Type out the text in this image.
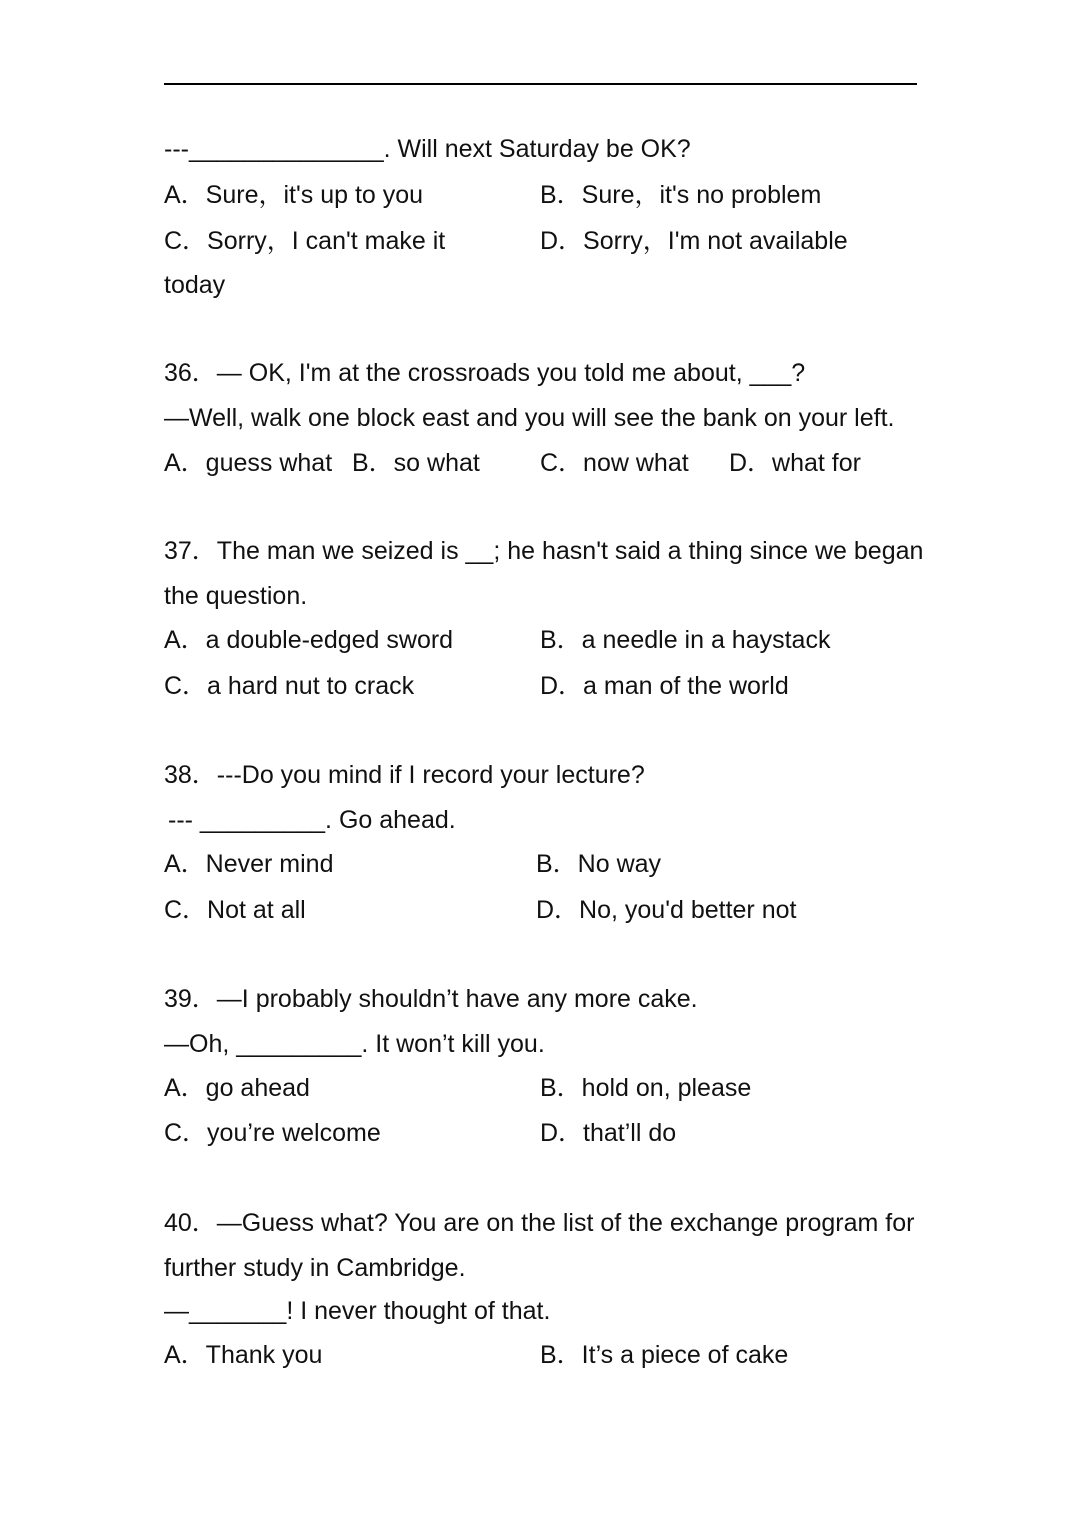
---______________. Will next Saturday be OK?
A．Sure，it's up to you	B．Sure，it's no problem
C．Sorry，I can't make it	D．Sorry，I'm not available
today
36．— OK, I'm at the crossroads you told me about, ___?
—Well, walk one block east and you will see the bank on your left.
A．guess what B．so what C．now what D．what for
37．The man we seized is __; he hasn't said a thing since we began
the question.
A．a double-edged sword	B．a needle in a haystack
C．a hard nut to crack	D．a man of the world
38．---Do you mind if I record your lecture?
--- _________. Go ahead.
A．Never mind	B．No way
C．Not at all	D．No, you'd better not
39．—I probably shouldn’t have any more cake.
—Oh, _________. It won’t kill you.
A．go ahead	B．hold on, please
C．you’re welcome	D．that’ll do
40．—Guess what? You are on the list of the exchange program for
further study in Cambridge.
—_______! I never thought of that.
A．Thank you	B．It’s a piece of cake
